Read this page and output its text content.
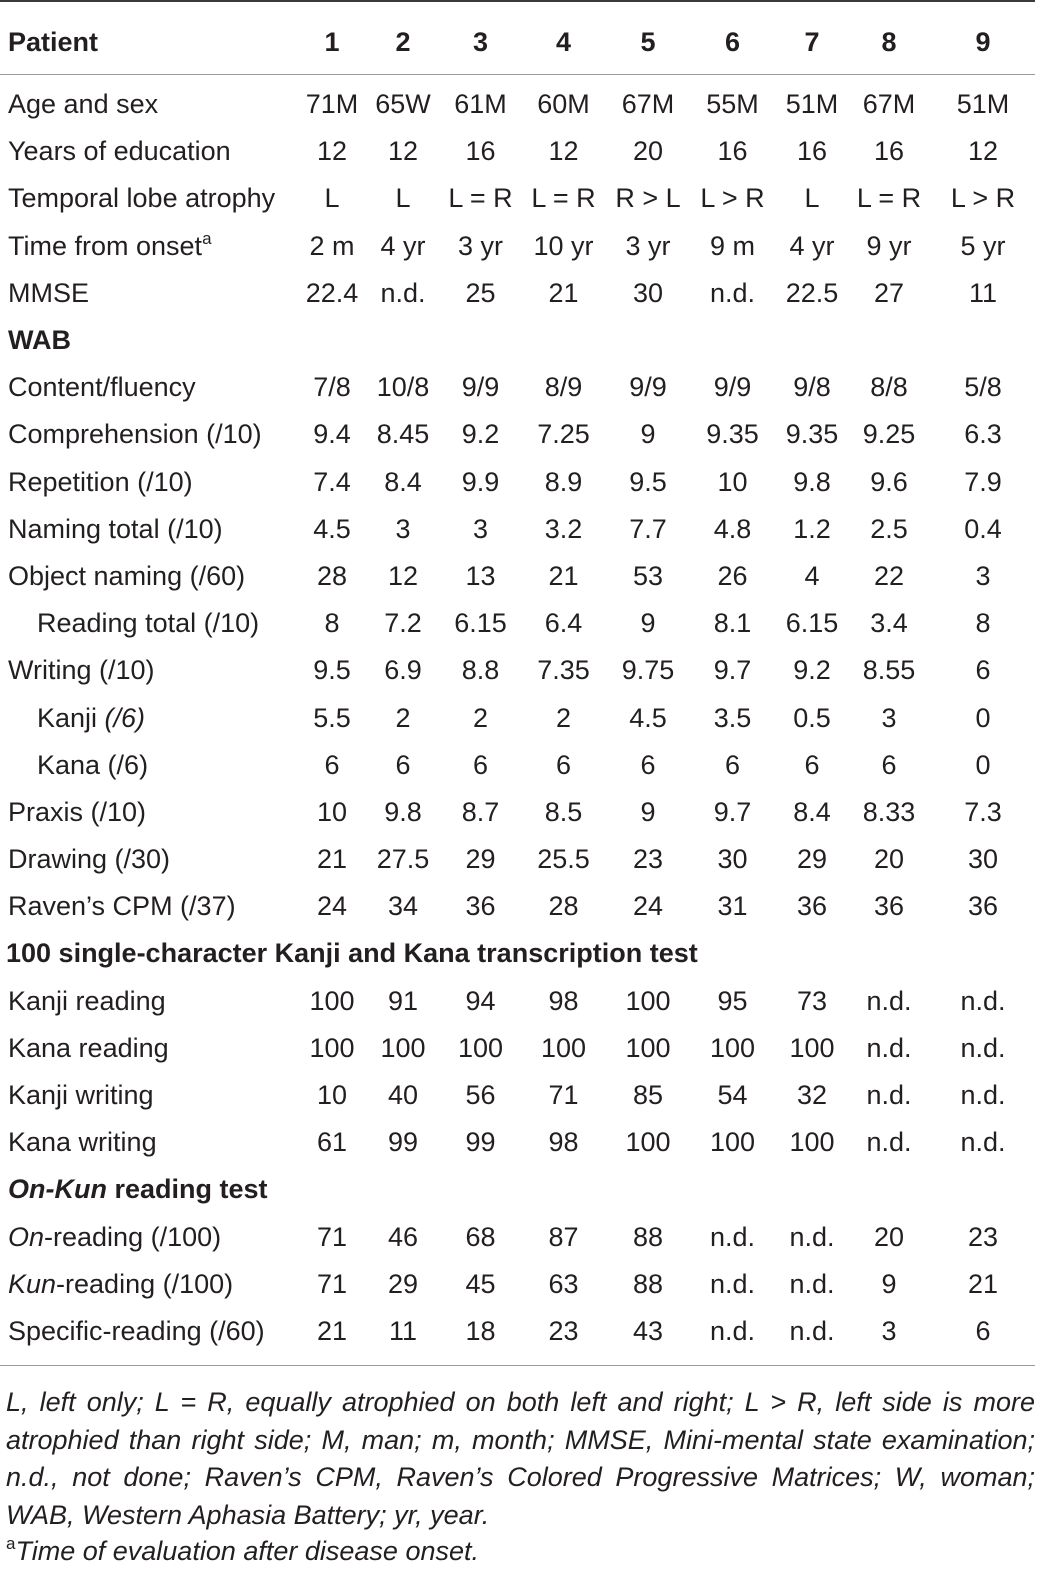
Patient	1	2	3	4	5	6	7	8	9
Age and sex	71M	65W	61M	60M	67M	55M	51M	67M	51M
Years of education	12	12	16	12	20	16	16	16	12
Temporal lobe atrophy	L	L	L = R	L = R	R > L	L > R	L	L = R	L > R
Time from onset$^a$	2 m	4 yr	3 yr	10 yr	3 yr	9 m	4 yr	9 yr	5 yr
MMSE	22.4	n.d.	25	21	30	n.d.	22.5	27	11
WAB									
Content/fluency	7/8	10/8	9/9	8/9	9/9	9/9	9/8	8/8	5/8
Comprehension (/10)	9.4	8.45	9.2	7.25	9	9.35	9.35	9.25	6.3
Repetition (/10)	7.4	8.4	9.9	8.9	9.5	10	9.8	9.6	7.9
Naming total (/10)	4.5	3	3	3.2	7.7	4.8	1.2	2.5	0.4
Object naming (/60)	28	12	13	21	53	26	4	22	3
Reading total (/10)	8	7.2	6.15	6.4	9	8.1	6.15	3.4	8
Writing (/10)	9.5	6.9	8.8	7.35	9.75	9.7	9.2	8.55	6
Kanji (/6)	5.5	2	2	2	4.5	3.5	0.5	3	0
Kana (/6)	6	6	6	6	6	6	6	6	0
Praxis (/10)	10	9.8	8.7	8.5	9	9.7	8.4	8.33	7.3
Drawing (/30)	21	27.5	29	25.5	23	30	29	20	30
Raven’s CPM (/37)	24	34	36	28	24	31	36	36	36
100 single-character Kanji and Kana transcription test									
Kanji reading	100	91	94	98	100	95	73	n.d.	n.d.
Kana reading	100	100	100	100	100	100	100	n.d.	n.d.
Kanji writing	10	40	56	71	85	54	32	n.d.	n.d.
Kana writing	61	99	99	98	100	100	100	n.d.	n.d.
On-Kun reading test									
On-reading (/100)	71	46	68	87	88	n.d.	n.d.	20	23
Kun-reading (/100)	71	29	45	63	88	n.d.	n.d.	9	21
Specific-reading (/60)	21	11	18	23	43	n.d.	n.d.	3	6

L, left only; L = R, equally atrophied on both left and right; L > R, left side is more atrophied than right side; M, man; m, month; MMSE, Mini-mental state examination; n.d., not done; Raven’s CPM, Raven’s Colored Progressive Matrices; W, woman; WAB, Western Aphasia Battery; yr, year.
$^a$Time of evaluation after disease onset.
